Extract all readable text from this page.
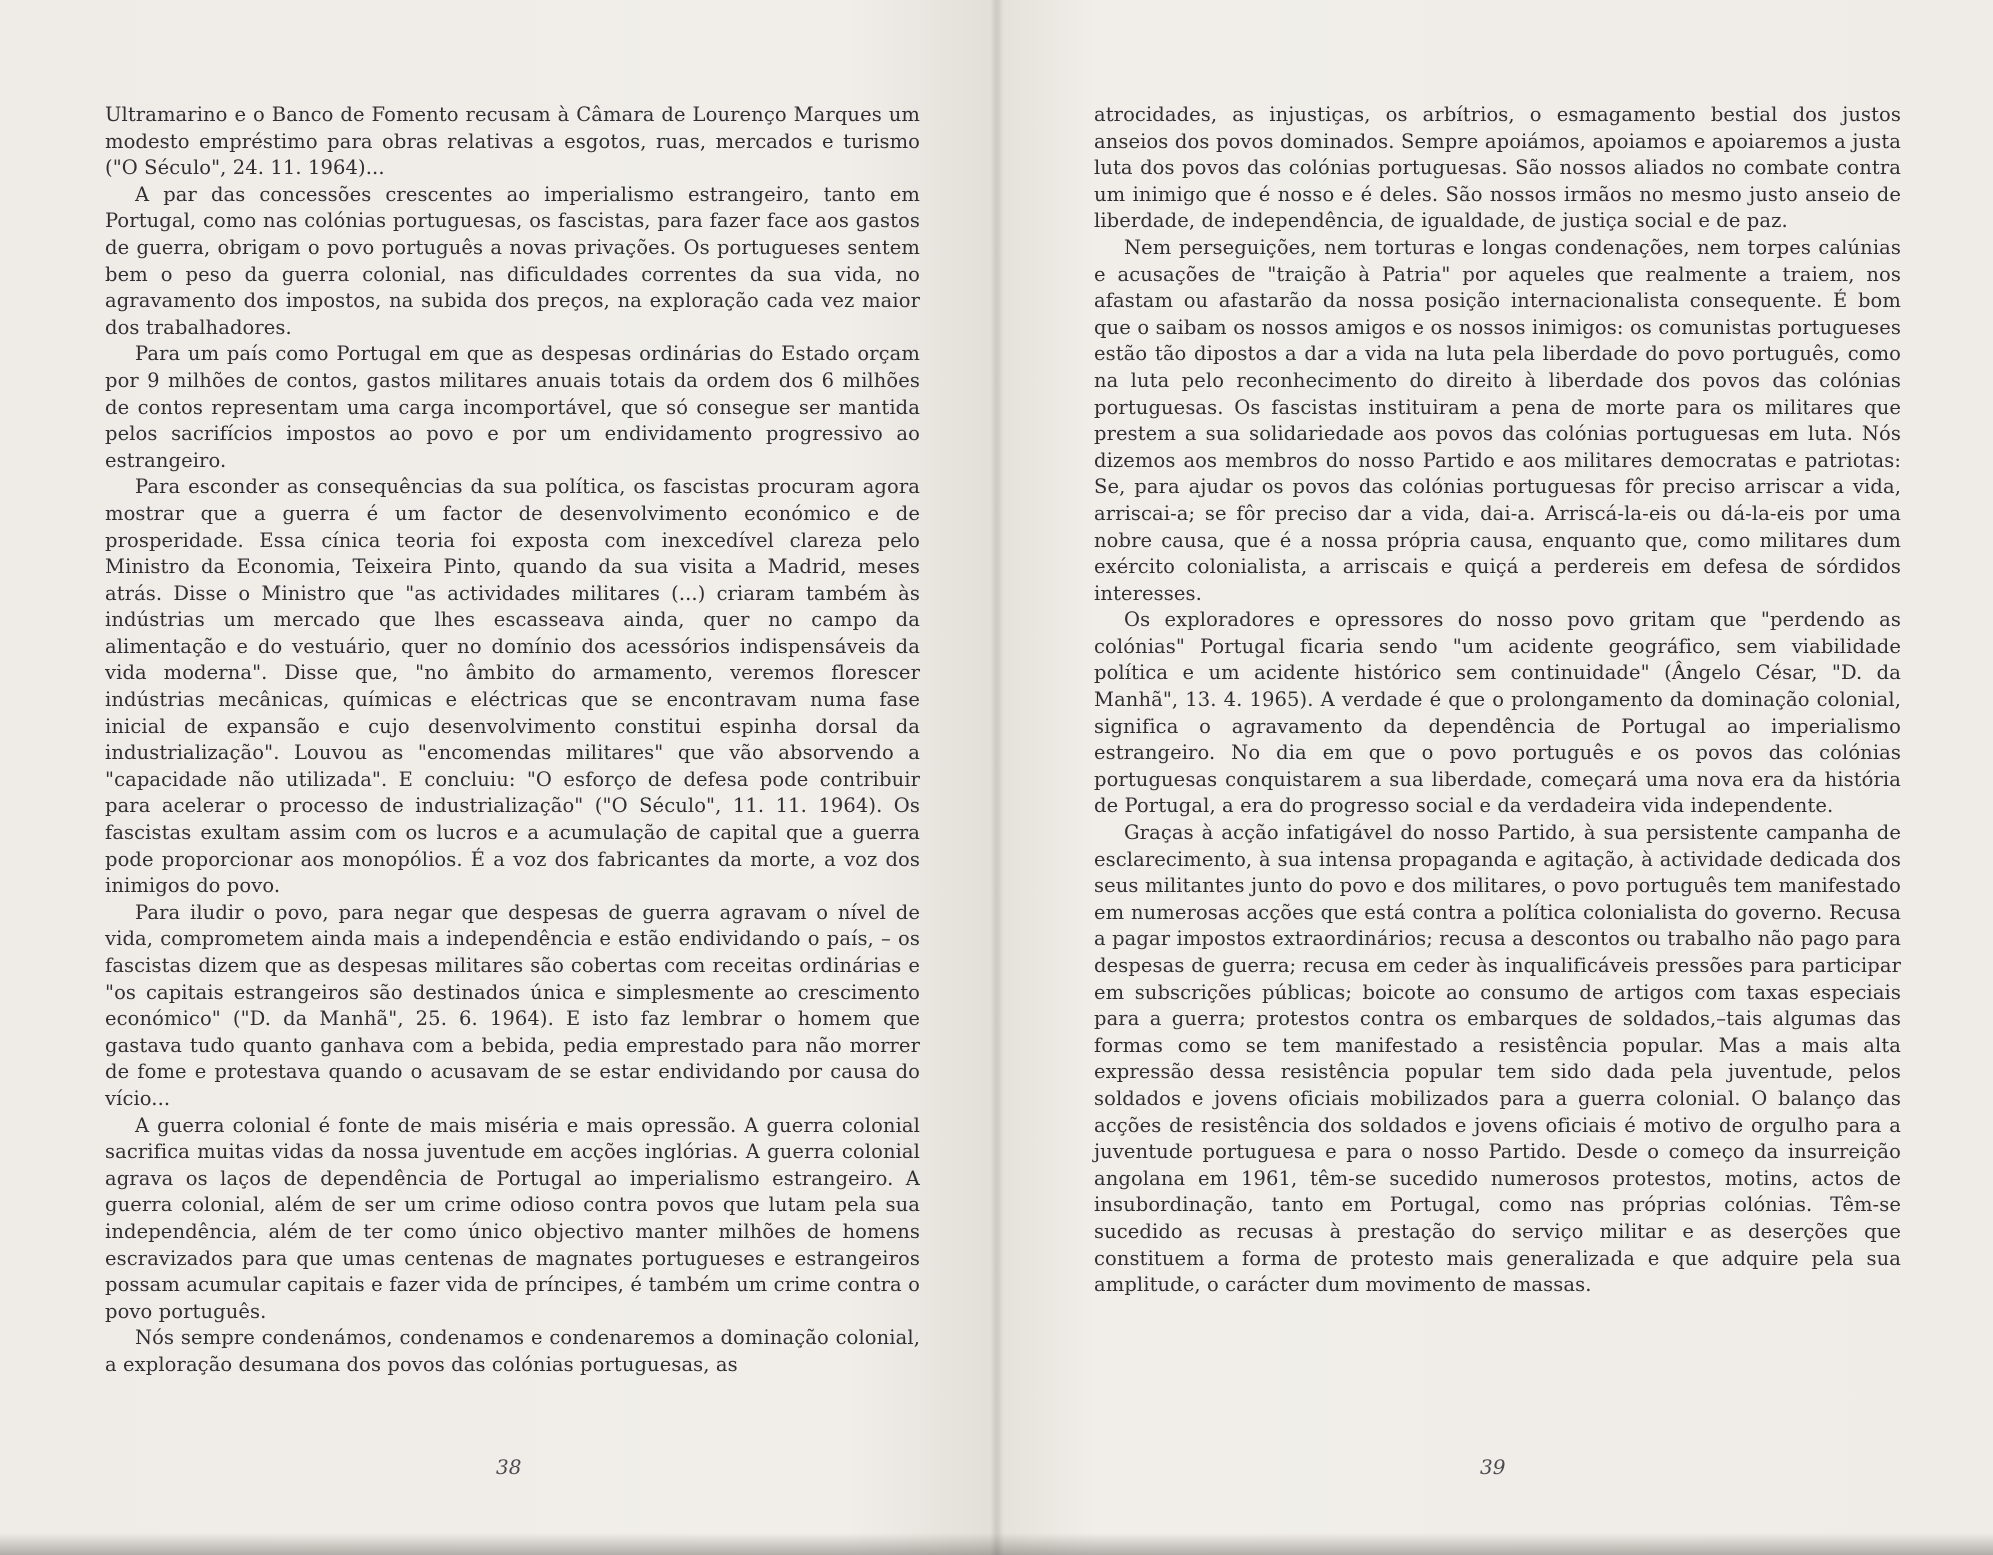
Ultramarino e o Banco de Fomento recusam à Câmara de Lourenço Marques um modesto empréstimo para obras relativas a esgotos, ruas, mercados e turismo ("O Século", 24. 11. 1964)...

A par das concessões crescentes ao imperialismo estrangeiro, tanto em Portugal, como nas colónias portuguesas, os fascistas, para fazer face aos gastos de guerra, obrigam o povo português a novas privações. Os portugueses sentem bem o peso da guerra colonial, nas dificuldades correntes da sua vida, no agravamento dos impostos, na subida dos preços, na exploração cada vez maior dos trabalhadores.

Para um país como Portugal em que as despesas ordinárias do Estado orçam por 9 milhões de contos, gastos militares anuais totais da ordem dos 6 milhões de contos representam uma carga incomportável, que só consegue ser mantida pelos sacrifícios impostos ao povo e por um endividamento progressivo ao estrangeiro.

Para esconder as consequências da sua política, os fascistas procuram agora mostrar que a guerra é um factor de desenvolvimento económico e de prosperidade. Essa cínica teoria foi exposta com inexcedível clareza pelo Ministro da Economia, Teixeira Pinto, quando da sua visita a Madrid, meses atrás. Disse o Ministro que "as actividades militares (...) criaram também às indústrias um mercado que lhes escasseava ainda, quer no campo da alimentação e do vestuário, quer no domínio dos acessórios indispensáveis da vida moderna". Disse que, "no âmbito do armamento, veremos florescer indústrias mecânicas, químicas e eléctricas que se encontravam numa fase inicial de expansão e cujo desenvolvimento constitui espinha dorsal da industrialização". Louvou as "encomendas militares" que vão absorvendo a "capacidade não utilizada". E concluiu: "O esforço de defesa pode contribuir para acelerar o processo de industrialização" ("O Século", 11. 11. 1964). Os fascistas exultam assim com os lucros e a acumulação de capital que a guerra pode proporcionar aos monopólios. É a voz dos fabricantes da morte, a voz dos inimigos do povo.

Para iludir o povo, para negar que despesas de guerra agravam o nível de vida, comprometem ainda mais a independência e estão endividando o país, – os fascistas dizem que as despesas militares são cobertas com receitas ordinárias e "os capitais estrangeiros são destinados única e simplesmente ao crescimento económico" ("D. da Manhã", 25. 6. 1964). E isto faz lembrar o homem que gastava tudo quanto ganhava com a bebida, pedia emprestado para não morrer de fome e protestava quando o acusavam de se estar endividando por causa do vício...

A guerra colonial é fonte de mais miséria e mais opressão. A guerra colonial sacrifica muitas vidas da nossa juventude em acções inglórias. A guerra colonial agrava os laços de dependência de Portugal ao imperialismo estrangeiro. A guerra colonial, além de ser um crime odioso contra povos que lutam pela sua independência, além de ter como único objectivo manter milhões de homens escravizados para que umas centenas de magnates portugueses e estrangeiros possam acumular capitais e fazer vida de príncipes, é também um crime contra o povo português.

Nós sempre condenámos, condenamos e condenaremos a dominação colonial, a exploração desumana dos povos das colónias portuguesas, as

38

atrocidades, as injustiças, os arbítrios, o esmagamento bestial dos justos anseios dos povos dominados. Sempre apoiámos, apoiamos e apoiaremos a justa luta dos povos das colónias portuguesas. São nossos aliados no combate contra um inimigo que é nosso e é deles. São nossos irmãos no mesmo justo anseio de liberdade, de independência, de igualdade, de justiça social e de paz.

Nem perseguições, nem torturas e longas condenações, nem torpes calúnias e acusações de "traição à Patria" por aqueles que realmente a traiem, nos afastam ou afastarão da nossa posição internacionalista consequente. É bom que o saibam os nossos amigos e os nossos inimigos: os comunistas portugueses estão tão dipostos a dar a vida na luta pela liberdade do povo português, como na luta pelo reconhecimento do direito à liberdade dos povos das colónias portuguesas. Os fascistas instituiram a pena de morte para os militares que prestem a sua solidariedade aos povos das colónias portuguesas em luta. Nós dizemos aos membros do nosso Partido e aos militares democratas e patriotas: Se, para ajudar os povos das colónias portuguesas fôr preciso arriscar a vida, arriscai-a; se fôr preciso dar a vida, dai-a. Arriscá-la-eis ou dá-la-eis por uma nobre causa, que é a nossa própria causa, enquanto que, como militares dum exército colonialista, a arriscais e quiçá a perdereis em defesa de sórdidos interesses.

Os exploradores e opressores do nosso povo gritam que "perdendo as colónias" Portugal ficaria sendo "um acidente geográfico, sem viabilidade política e um acidente histórico sem continuidade" (Ângelo César, "D. da Manhã", 13. 4. 1965). A verdade é que o prolongamento da dominação colonial, significa o agravamento da dependência de Portugal ao imperialismo estrangeiro. No dia em que o povo português e os povos das colónias portuguesas conquistarem a sua liberdade, começará uma nova era da história de Portugal, a era do progresso social e da verdadeira vida independente.

Graças à acção infatigável do nosso Partido, à sua persistente campanha de esclarecimento, à sua intensa propaganda e agitação, à actividade dedicada dos seus militantes junto do povo e dos militares, o povo português tem manifestado em numerosas acções que está contra a política colonialista do governo. Recusa a pagar impostos extraordinários; recusa a descontos ou trabalho não pago para despesas de guerra; recusa em ceder às inqualificáveis pressões para participar em subscrições públicas; boicote ao consumo de artigos com taxas especiais para a guerra; protestos contra os embarques de soldados,–tais algumas das formas como se tem manifestado a resistência popular. Mas a mais alta expressão dessa resistência popular tem sido dada pela juventude, pelos soldados e jovens oficiais mobilizados para a guerra colonial. O balanço das acções de resistência dos soldados e jovens oficiais é motivo de orgulho para a juventude portuguesa e para o nosso Partido. Desde o começo da insurreição angolana em 1961, têm-se sucedido numerosos protestos, motins, actos de insubordinação, tanto em Portugal, como nas próprias colónias. Têm-se sucedido as recusas à prestação do serviço militar e as deserções que constituem a forma de protesto mais generalizada e que adquire pela sua amplitude, o carácter dum movimento de massas.

39
